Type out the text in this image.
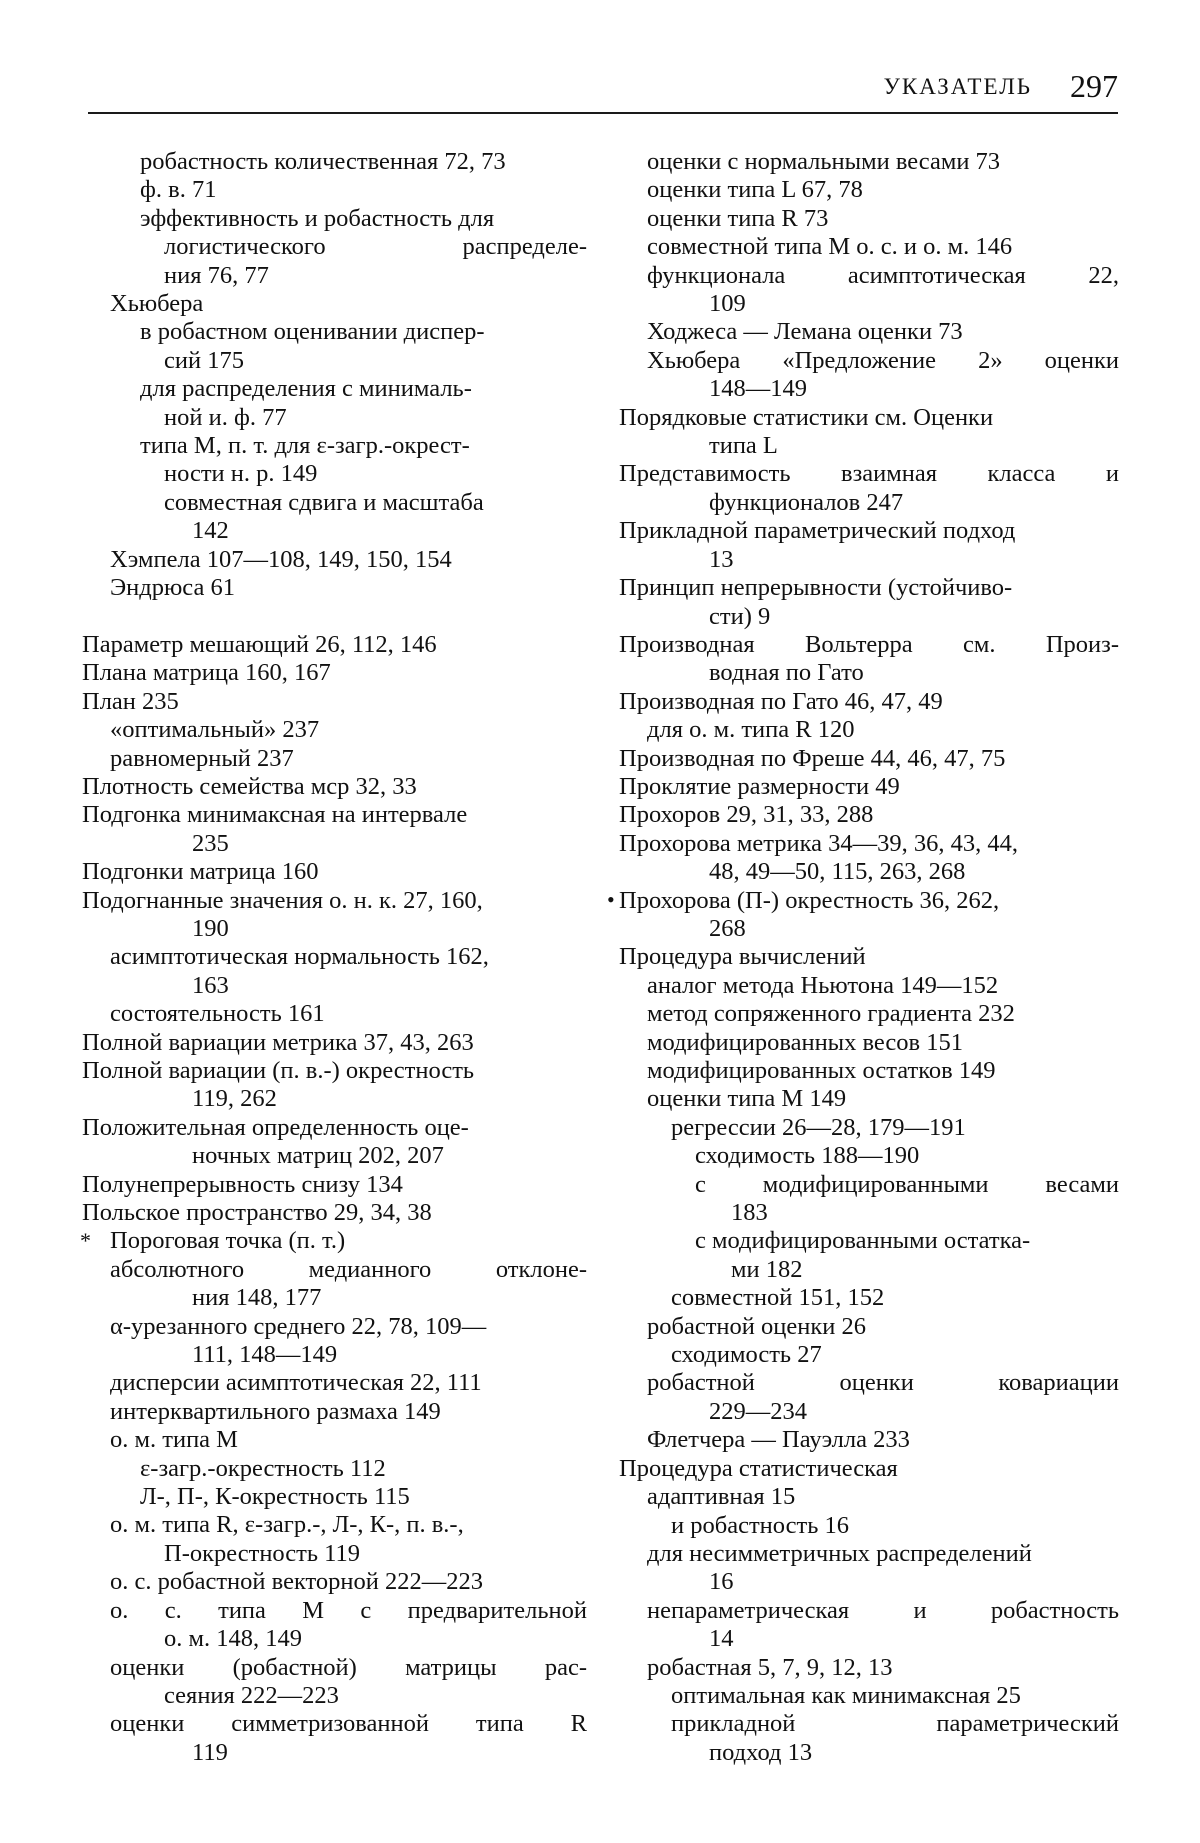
УКАЗАТЕЛЬ 297
робастность количественная 72, 73
ф. в. 71
эффективность и робастность для
логистического распределе-
ния 76, 77
Хьюбера
в робастном оценивании диспер-
сий 175
для распределения с минималь-
ной и. ф. 77
типа М, п. т. для ε-загр.-окрест-
ности н. р. 149
совместная сдвига и масштаба
142
Хэмпела 107—108, 149, 150, 154
Эндрюса 61
Параметр мешающий 26, 112, 146
Плана матрица 160, 167
План 235
«оптимальный» 237
равномерный 237
Плотность семейства мср 32, 33
Подгонка минимаксная на интервале
235
Подгонки матрица 160
Подогнанные значения о. н. к. 27, 160,
190
асимптотическая нормальность 162,
163
состоятельность 161
Полной вариации метрика 37, 43, 263
Полной вариации (п. в.-) окрестность
119, 262
Положительная определенность оце-
ночных матриц 202, 207
Полунепрерывность снизу 134
Польское пространство 29, 34, 38
Пороговая точка (п. т.)
*
абсолютного медианного отклоне-
ния 148, 177
α-урезанного среднего 22, 78, 109—
111, 148—149
дисперсии асимптотическая 22, 111
интерквартильного размаха 149
о. м. типа М
ε-загр.-окрестность 112
Л-, П-, К-окрестность 115
о. м. типа R, ε-загр.-, Л-, К-, п. в.-,
П-окрестность 119
о. с. робастной векторной 222—223
о. с. типа М с предварительной
о. м. 148, 149
оценки (робастной) матрицы рас-
сеяния 222—223
оценки симметризованной типа R
119
оценки с нормальными весами 73
оценки типа L 67, 78
оценки типа R 73
совместной типа М о. с. и о. м. 146
функционала асимптотическая 22,
109
Ходжеса — Лемана оценки 73
Хьюбера «Предложение 2» оценки
148—149
Порядковые статистики см. Оценки
типа L
Представимость взаимная класса и
функционалов 247
Прикладной параметрический подход
13
Принцип непрерывности (устойчиво-
сти) 9
Производная Вольтерра см. Произ-
водная по Гато
Производная по Гато 46, 47, 49
для о. м. типа R 120
Производная по Фреше 44, 46, 47, 75
Проклятие размерности 49
Прохоров 29, 31, 33, 288
Прохорова метрика 34—39, 36, 43, 44,
48, 49—50, 115, 263, 268
Прохорова (П-) окрестность 36, 262,
•
268
Процедура вычислений
аналог метода Ньютона 149—152
метод сопряженного градиента 232
модифицированных весов 151
модифицированных остатков 149
оценки типа М 149
регрессии 26—28, 179—191
сходимость 188—190
с модифицированными весами
183
с модифицированными остатка-
ми 182
совместной 151, 152
робастной оценки 26
сходимость 27
робастной оценки ковариации
229—234
Флетчера — Пауэлла 233
Процедура статистическая
адаптивная 15
и робастность 16
для несимметричных распределений
16
непараметрическая и робастность
14
робастная 5, 7, 9, 12, 13
оптимальная как минимаксная 25
прикладной параметрический
подход 13
